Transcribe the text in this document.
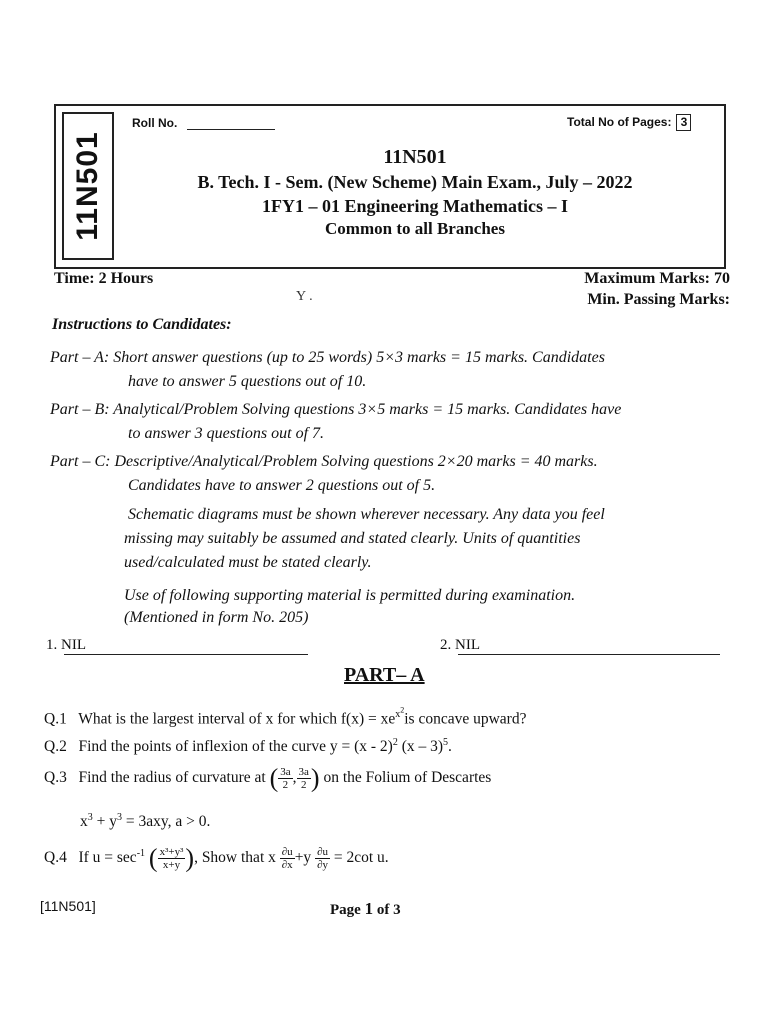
11N501
Roll No.	Total No of Pages: 3
11N501
B. Tech. I - Sem. (New Scheme) Main Exam., July – 2022
1FY1 – 01 Engineering Mathematics – I
Common to all Branches
Time: 2 Hours	Maximum Marks: 70
Min. Passing Marks:
Y .
Instructions to Candidates:
Part – A: Short answer questions (up to 25 words) 5×3 marks = 15 marks. Candidates
have to answer 5 questions out of 10.
Part – B: Analytical/Problem Solving questions 3×5 marks = 15 marks. Candidates have
to answer 3 questions out of 7.
Part – C: Descriptive/Analytical/Problem Solving questions 2×20 marks = 40 marks.
Candidates have to answer 2 questions out of 5.
Schematic diagrams must be shown wherever necessary. Any data you feel
missing may suitably be assumed and stated clearly. Units of quantities
used/calculated must be stated clearly.
Use of following supporting material is permitted during examination.
(Mentioned in form No. 205)
1. NIL	2. NIL
PART– A
Q.1 What is the largest interval of x for which $f(x) = xe^{x^2}is$ concave upward?
Q.2 Find the points of inflexion of the curve y = (x - 2)$^2$ (x – 3)$^5$.
Q.3 Find the radius of curvature at ( $\frac{3a}{2}$ , $\frac{3a}{2}$ ) on the Folium of Descartes
$x^3 + y^3 = 3axy$, a > 0.
Q.4 If $u = \sec^{-1}$ ( $\frac{\text{x³+y³}}{x+y}$ ), Show that x $\frac{\partial u}{\partial x} +y \frac{\partial u}{\partial y} = 2\cot$ u.
[11N501]	Page 1 of 3
